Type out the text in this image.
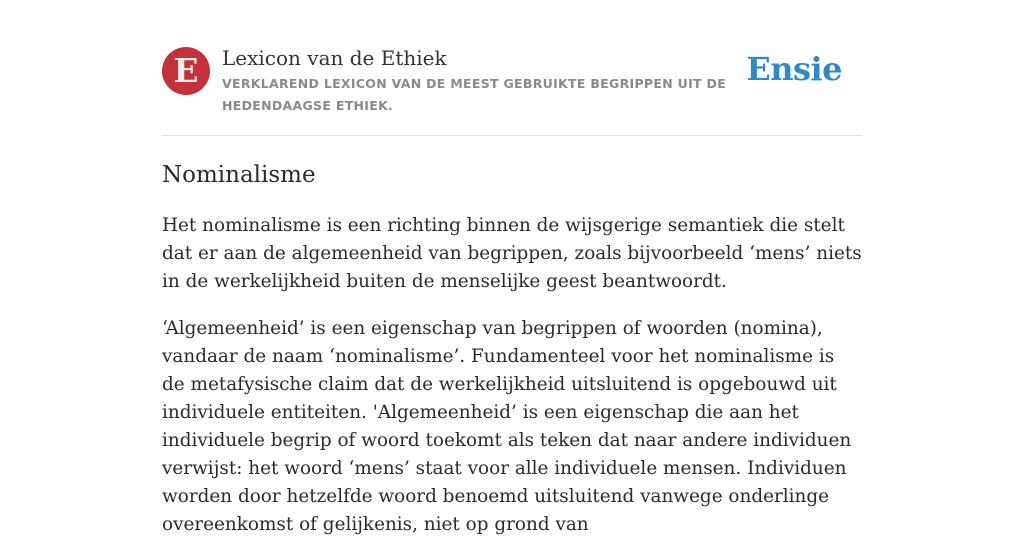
E	Lexicon van de Ethiek
VERKLAREND LEXICON VAN DE MEEST GEBRUIKTE BEGRIPPEN UIT DE HEDENDAAGSE ETHIEK.
Ensie
Nominalisme

Het nominalisme is een richting binnen de wijsgerige semantiek die stelt dat er aan de algemeenheid van begrippen, zoals bijvoorbeeld ‘mens’ niets in de werkelijkheid buiten de menselijke geest beantwoordt.

‘Algemeenheid’ is een eigenschap van begrippen of woorden (nomina), vandaar de naam ‘nominalisme’. Fundamenteel voor het nominalisme is de metafysische claim dat de werkelijkheid uitsluitend is opgebouwd uit individuele entiteiten. 'Algemeenheid’ is een eigenschap die aan het individuele begrip of woord toekomt als teken dat naar andere individuen verwijst: het woord ‘mens’ staat voor alle individuele mensen. Individuen worden door hetzelfde woord benoemd uitsluitend vanwege onderlinge overeenkomst of gelijkenis, niet op grond van
